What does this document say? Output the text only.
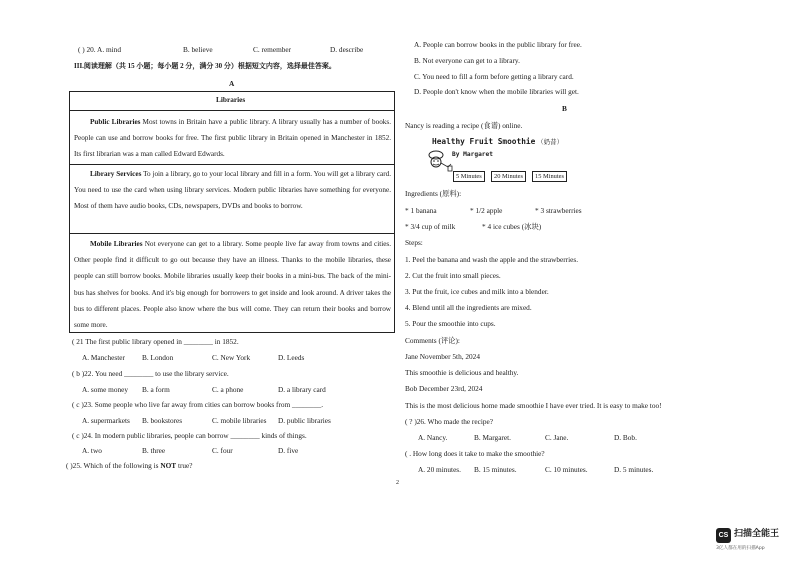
( ) 20. A. mind	B. believe	C. remember	D. describe
III.阅读理解（共 15 小题；每小题 2 分，满分 30 分）根据短文内容，选择最佳答案。
A
Libraries
Public Libraries Most towns in Britain have a public library. A library usually has a number of books. People can use and borrow books for free. The first public library in Britain opened in Manchester in 1852. Its first librarian was a man called Edward Edwards.
Library Services To join a library, go to your local library and fill in a form. You will get a library card. You need to use the card when using library services. Modern public libraries have something for everyone. Most of them have audio books, CDs, newspapers, DVDs and books to borrow.
Mobile Libraries Not everyone can get to a library. Some people live far away from towns and cities. Other people find it difficult to go out because they have an illness. Thanks to the mobile libraries, these people can still borrow books. Mobile libraries usually keep their books in a mini-bus. The back of the mini-bus has shelves for books. And it's big enough for borrowers to get inside and look around. A driver takes the bus to different places. People also know where the bus will come. They can return their books and borrow some more.
( 21 The first public library opened in ________ in 1852.
A. Manchester B. London	C. New York	D. Leeds
( b )22. You need ________ to use the library service.
A. some money B. a form	C. a phone	D. a library card
( c )23. Some people who live far away from cities can borrow books from ________.
A. supermarkets B. bookstores	C. mobile libraries D. public libraries
( c )24. In modern public libraries, people can borrow ________ kinds of things.
A. two	B. three	C. four	D. five
( )25. Which of the following is NOT true?
A. People can borrow books in the public library for free.
B. Not everyone can get to a library.
C. You need to fill a form before getting a library card.
D. People don't know when the mobile libraries will get.
B
Nancy is reading a recipe (食谱) online.
Healthy Fruit Smoothie （奶昔）
By Margaret
5 Minutes	20 Minutes	15 Minutes
Ingredients (原料):
* 1 banana	* 1/2 apple	* 3 strawberries
* 3/4 cup of milk	* 4 ice cubes (冰块)
Steps:
1. Peel the banana and wash the apple and the strawberries.
2. Cut the fruit into small pieces.
3. Put the fruit, ice cubes and milk into a blender.
4. Blend until all the ingredients are mixed.
5. Pour the smoothie into cups.
Comments (评论):
Jane November 5th, 2024
This smoothie is delicious and healthy.
Bob December 23rd, 2024
This is the most delicious home made smoothie I have ever tried. It is easy to make too!
( ? )26. Who made the recipe?
A. Nancy.	B. Margaret.	C. Jane.	D. Bob.
( . How long does it take to make the smoothie?
A. 20 minutes. B. 15 minutes.	C. 10 minutes.	D. 5 minutes.
2
CS 扫描全能王
3亿人都在用的扫描App
